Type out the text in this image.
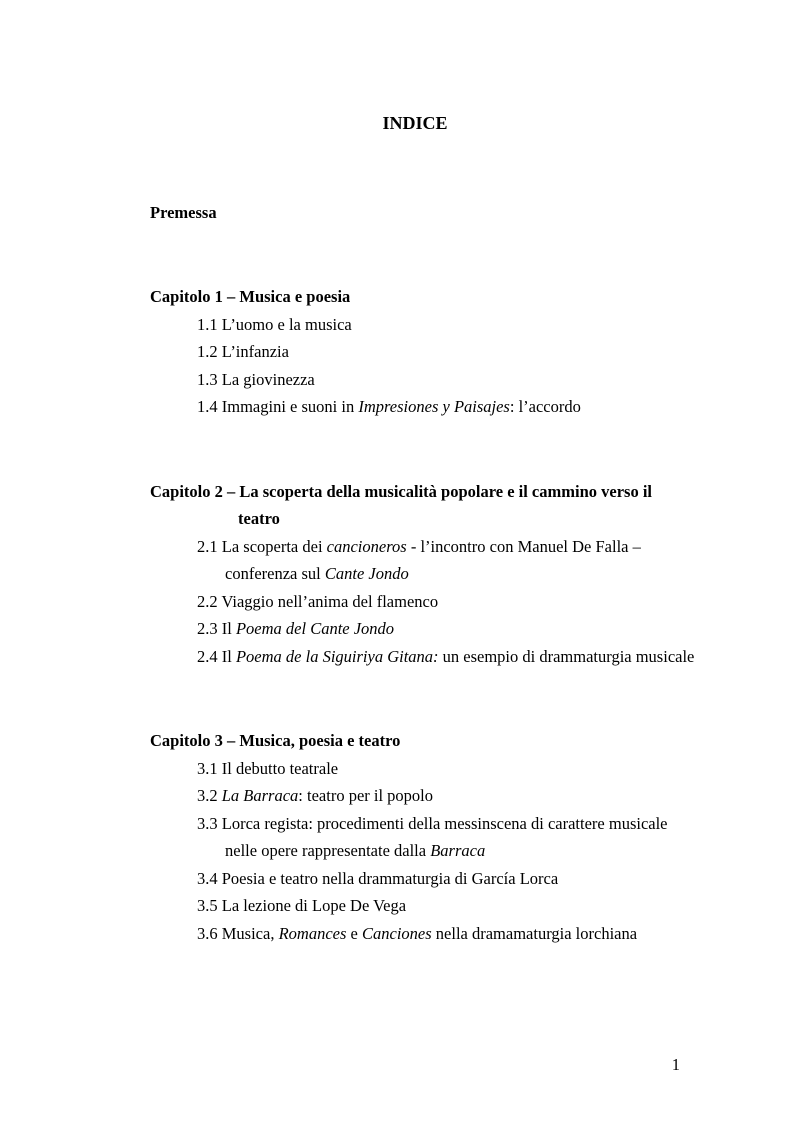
INDICE
Premessa
Capitolo 1 – Musica e poesia
1.1 L’uomo e la musica
1.2 L’infanzia
1.3 La giovinezza
1.4 Immagini e suoni in Impresiones y Paisajes: l’accordo
Capitolo 2 – La scoperta della musicalità popolare e il cammino verso il
teatro
2.1 La scoperta dei cancioneros - l’incontro con Manuel De Falla –
conferenza sul Cante Jondo
2.2 Viaggio nell’anima del flamenco
2.3 Il Poema del Cante Jondo
2.4 Il Poema de la Siguiriya Gitana: un esempio di drammaturgia musicale
Capitolo 3 – Musica, poesia e teatro
3.1 Il debutto teatrale
3.2 La Barraca: teatro per il popolo
3.3 Lorca regista: procedimenti della messinscena di carattere musicale
nelle opere rappresentate dalla Barraca
3.4 Poesia e teatro nella drammaturgia di García Lorca
3.5 La lezione di Lope De Vega
3.6 Musica, Romances e Canciones nella dramamaturgia lorchiana
1
